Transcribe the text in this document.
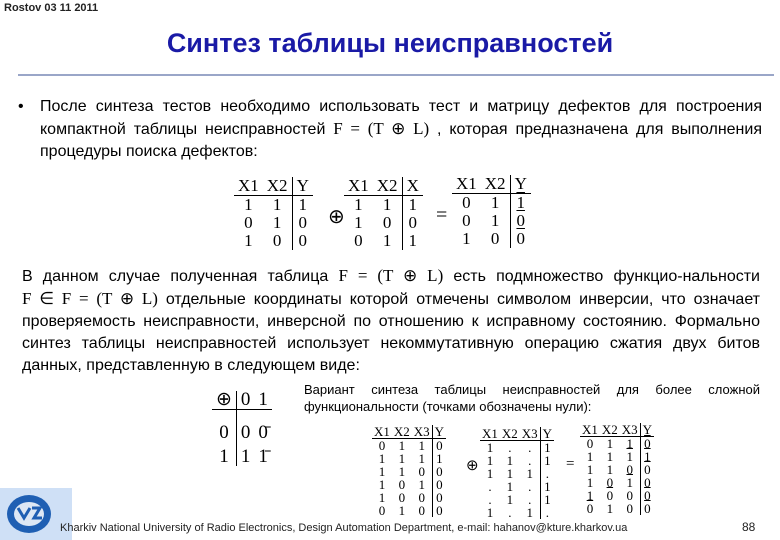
Rostov 03 11 2011
Синтез таблицы неисправностей
•	После синтеза тестов необходимо использовать тест и матрицу дефектов для построения компактной таблицы неисправностей F = (T ⊕ L) , которая предназначена для выполнения процедуры поиска дефектов:
X1	X2	Y
1	1	1
0	1	0
1	0	0
⊕
X1	X2	X
1	1	1
1	0	0
0	1	1
=
X1	X2	Y
0	1	1
0	1	0
1	0	0
В данном случае полученная таблица F = (T ⊕ L) есть подмножество функцио-нальности F ∈ F = (T ⊕ L) отдельные координаты которой отмечены символом инверсии, что означает проверяемость неисправности, инверсной по отношению к исправному состоянию. Формально синтез таблицы неисправностей использует некоммутативную операцию сжатия двух битов данных, представленную в следующем виде:
⊕	0	1
0	0	0̄
1	1	1̄
Вариант синтеза таблицы неисправностей для более сложной функциональности (точками обозначены нули):
X1	X2	X3	Y
0	1	1	0
1	1	1	1
1	1	0	0
1	0	1	0
1	0	0	0
0	1	0	0
⊕
X1	X2	X3	Y
1	.	.	1
1	1	.	1
1	1	1	.
.	1	.	1
.	1	.	1
1	.	1	.
=
X1	X2	X3	Y
0	1	1	0
1	1	1	1
1	1	0	0
1	0	1	0
1	0	0	0
0	1	0	0
Kharkiv National University of Radio Electronics, Design Automation Department, e-mail: hahanov@kture.kharkov.ua	88
